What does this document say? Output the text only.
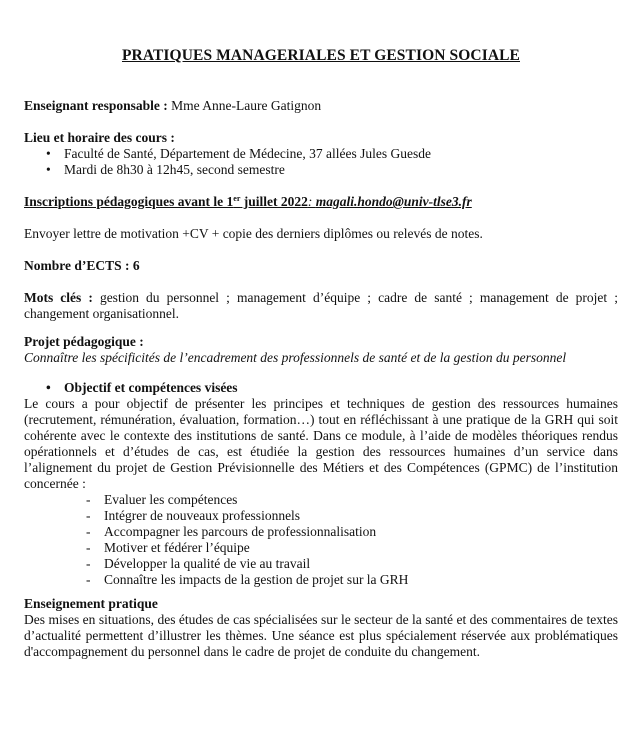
PRATIQUES MANAGERIALES ET GESTION SOCIALE
Enseignant responsable : Mme Anne-Laure Gatignon
Lieu et horaire des cours :
• Faculté de Santé, Département de Médecine, 37 allées Jules Guesde
• Mardi de 8h30 à 12h45, second semestre
Inscriptions pédagogiques avant le 1er juillet 2022: magali.hondo@univ-tlse3.fr
Envoyer lettre de motivation +CV + copie des derniers diplômes ou relevés de notes.
Nombre d’ECTS : 6
Mots clés : gestion du personnel ; management d’équipe ; cadre de santé ; management de projet ; changement organisationnel.
Projet pédagogique :
Connaître les spécificités de l’encadrement des professionnels de santé et de la gestion du personnel
• Objectif et compétences visées
Le cours a pour objectif de présenter les principes et techniques de gestion des ressources humaines (recrutement, rémunération, évaluation, formation…) tout en réfléchissant à une pratique de la GRH qui soit cohérente avec le contexte des institutions de santé. Dans ce module, à l’aide de modèles théoriques rendus opérationnels et d’études de cas, est étudiée la gestion des ressources humaines d’un service dans l’alignement du projet de Gestion Prévisionnelle des Métiers et des Compétences (GPMC) de l’institution concernée :
- Evaluer les compétences
- Intégrer de nouveaux professionnels
- Accompagner les parcours de professionnalisation
- Motiver et fédérer l’équipe
- Développer la qualité de vie au travail
- Connaître les impacts de la gestion de projet sur la GRH
Enseignement pratique
Des mises en situations, des études de cas spécialisées sur le secteur de la santé et des commentaires de textes d’actualité permettent d’illustrer les thèmes. Une séance est plus spécialement réservée aux problématiques d'accompagnement du personnel dans le cadre de projet de conduite du changement.
